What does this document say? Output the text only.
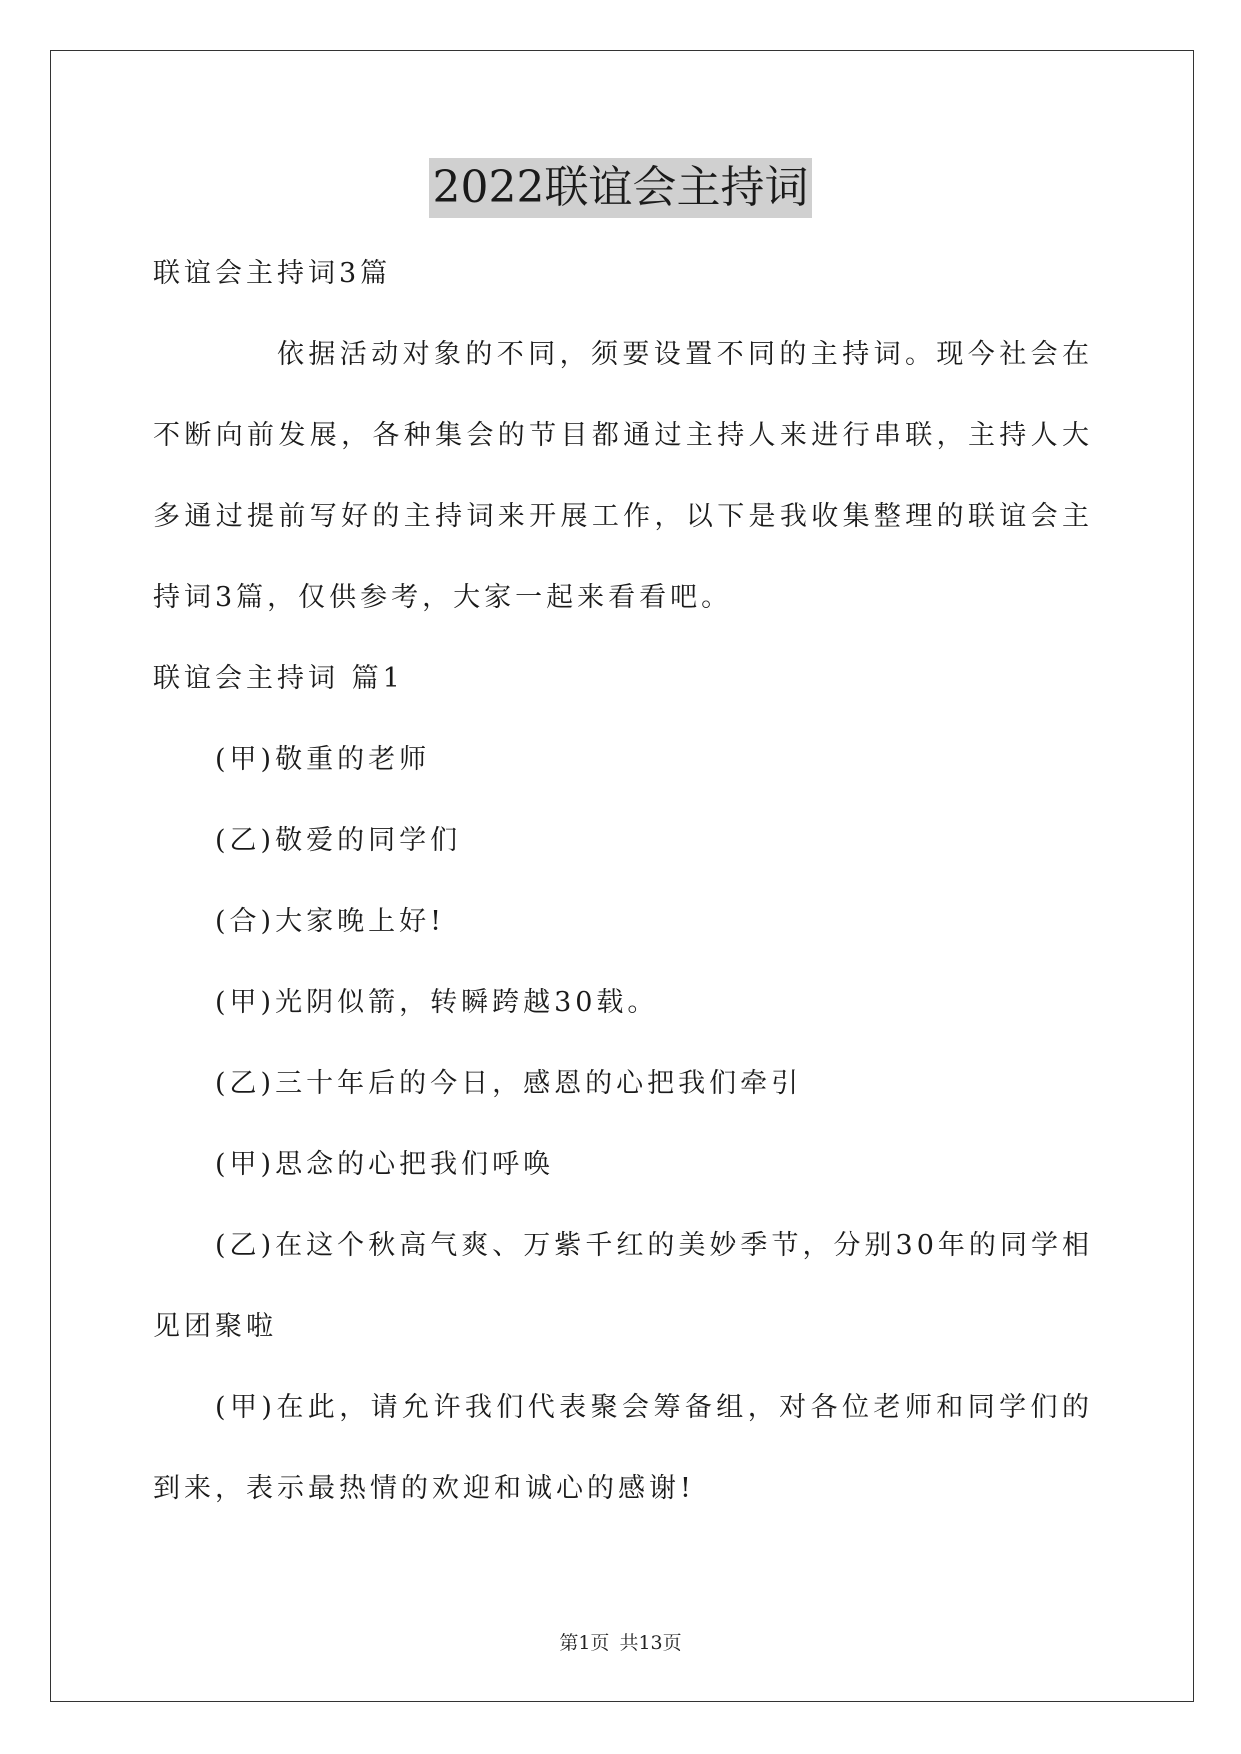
2022联谊会主持词
联谊会主持词3篇
依据活动对象的不同，须要设置不同的主持词。现今社会在不断向前发展，各种集会的节目都通过主持人来进行串联，主持人大多通过提前写好的主持词来开展工作，以下是我收集整理的联谊会主持词3篇，仅供参考，大家一起来看看吧。
联谊会主持词 篇1
(甲)敬重的老师
(乙)敬爱的同学们
(合)大家晚上好!
(甲)光阴似箭，转瞬跨越30载。
(乙)三十年后的今日，感恩的心把我们牵引
(甲)思念的心把我们呼唤
(乙)在这个秋高气爽、万紫千红的美妙季节，分别30年的同学相见团聚啦
(甲)在此，请允许我们代表聚会筹备组，对各位老师和同学们的到来，表示最热情的欢迎和诚心的感谢!
第1页 共13页
